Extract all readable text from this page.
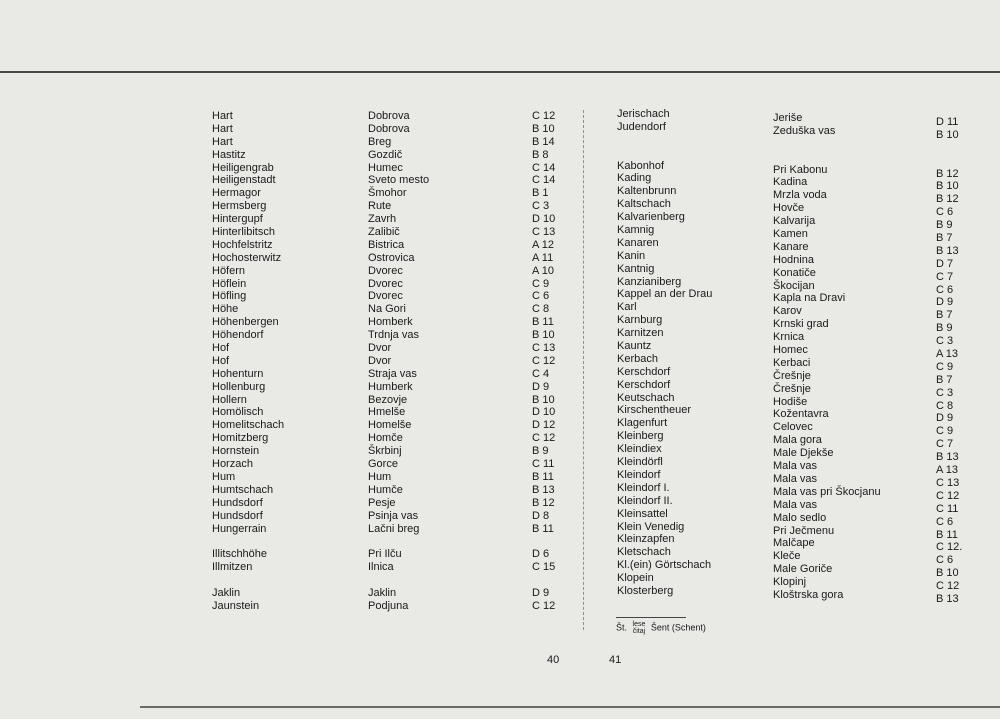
Hart
Hart
Hart
Hastitz
Heiligengrab
Heiligenstadt
Hermagor
Hermsberg
Hintergupf
Hinterlibitsch
Hochfelstritz
Hochosterwitz
Höfern
Höflein
Höfling
Höhe
Höhenbergen
Höhendorf
Hof
Hof
Hohenturn
Hollenburg
Hollern
Homölisch
Homelitschach
Homitzberg
Hornstein
Horzach
Hum
Humtschach
Hundsdorf
Hundsdorf
Hungerrain
Illitschhöhe
Illmitzen
Jaklin
Jaunstein
Dobrova
Dobrova
Breg
Gozdič
Humec
Sveto mesto
Šmohor
Rute
Zavrh
Zalibič
Bistrica
Ostrovica
Dvorec
Dvorec
Dvorec
Na Gori
Homberk
Trdnja vas
Dvor
Dvor
Straja vas
Humberk
Bezovje
Hmelše
Homelše
Homče
Škrbinj
Gorce
Hum
Humče
Pesje
Psinja vas
Lačni breg
Pri Ilču
Ilnica
Jaklin
Podjuna
C 12
B 10
B 14
B 8
C 14
C 14
B 1
C 3
D 10
C 13
A 12
A 11
A 10
C 9
C 6
C 8
B 11
B 10
C 13
C 12
C 4
D 9
B 10
D 10
D 12
C 12
B 9
C 11
B 11
B 13
B 12
D 8
B 11
D 6
C 15
D 9
C 12
Jerischach
Judendorf
Kabonhof
Kading
Kaltenbrunn
Kaltschach
Kalvarienberg
Kamnig
Kanaren
Kanin
Kantnig
Kanzianiberg
Kappel an der Drau
Karl
Karnburg
Karnitzen
Kauntz
Kerbach
Kerschdorf
Kerschdorf
Keutschach
Kirschentheuer
Klagenfurt
Kleinberg
Kleindiex
Kleindörfl
Kleindorf
Kleindorf I.
Kleindorf II.
Kleinsattel
Klein Venedig
Kleinzapfen
Kletschach
Kl.(ein) Görtschach
Klopein
Klosterberg
Jeriše
Zeduška vas
Pri Kabonu
Kadina
Mrzla voda
Hovče
Kalvarija
Kamen
Kanare
Hodnina
Konatiče
Škocijan
Kapla na Dravi
Karov
Krnski grad
Krnica
Homec
Kerbaci
Črešnje
Črešnje
Hodiše
Kožentavra
Celovec
Mala gora
Male Djekše
Mala vas
Mala vas
Mala vas pri Škocjanu
Mala vas
Malo sedlo
Pri Ječmenu
Malčape
Kleče
Male Goriče
Klopinj
Kloštrska gora
D 11
B 10
B 12
B 10
B 12
C 6
B 9
B 7
B 13
D 7
C 7
C 6
D 9
B 7
B 9
C 3
A 13
C 9
B 7
C 3
C 8
D 9
C 9
C 7
B 13
A 13
C 13
C 12
C 11
C 6
B 11
C 12.
C 6
B 10
C 12
B 13
Št. lese
čitaj Šent (Schent)
40	41
